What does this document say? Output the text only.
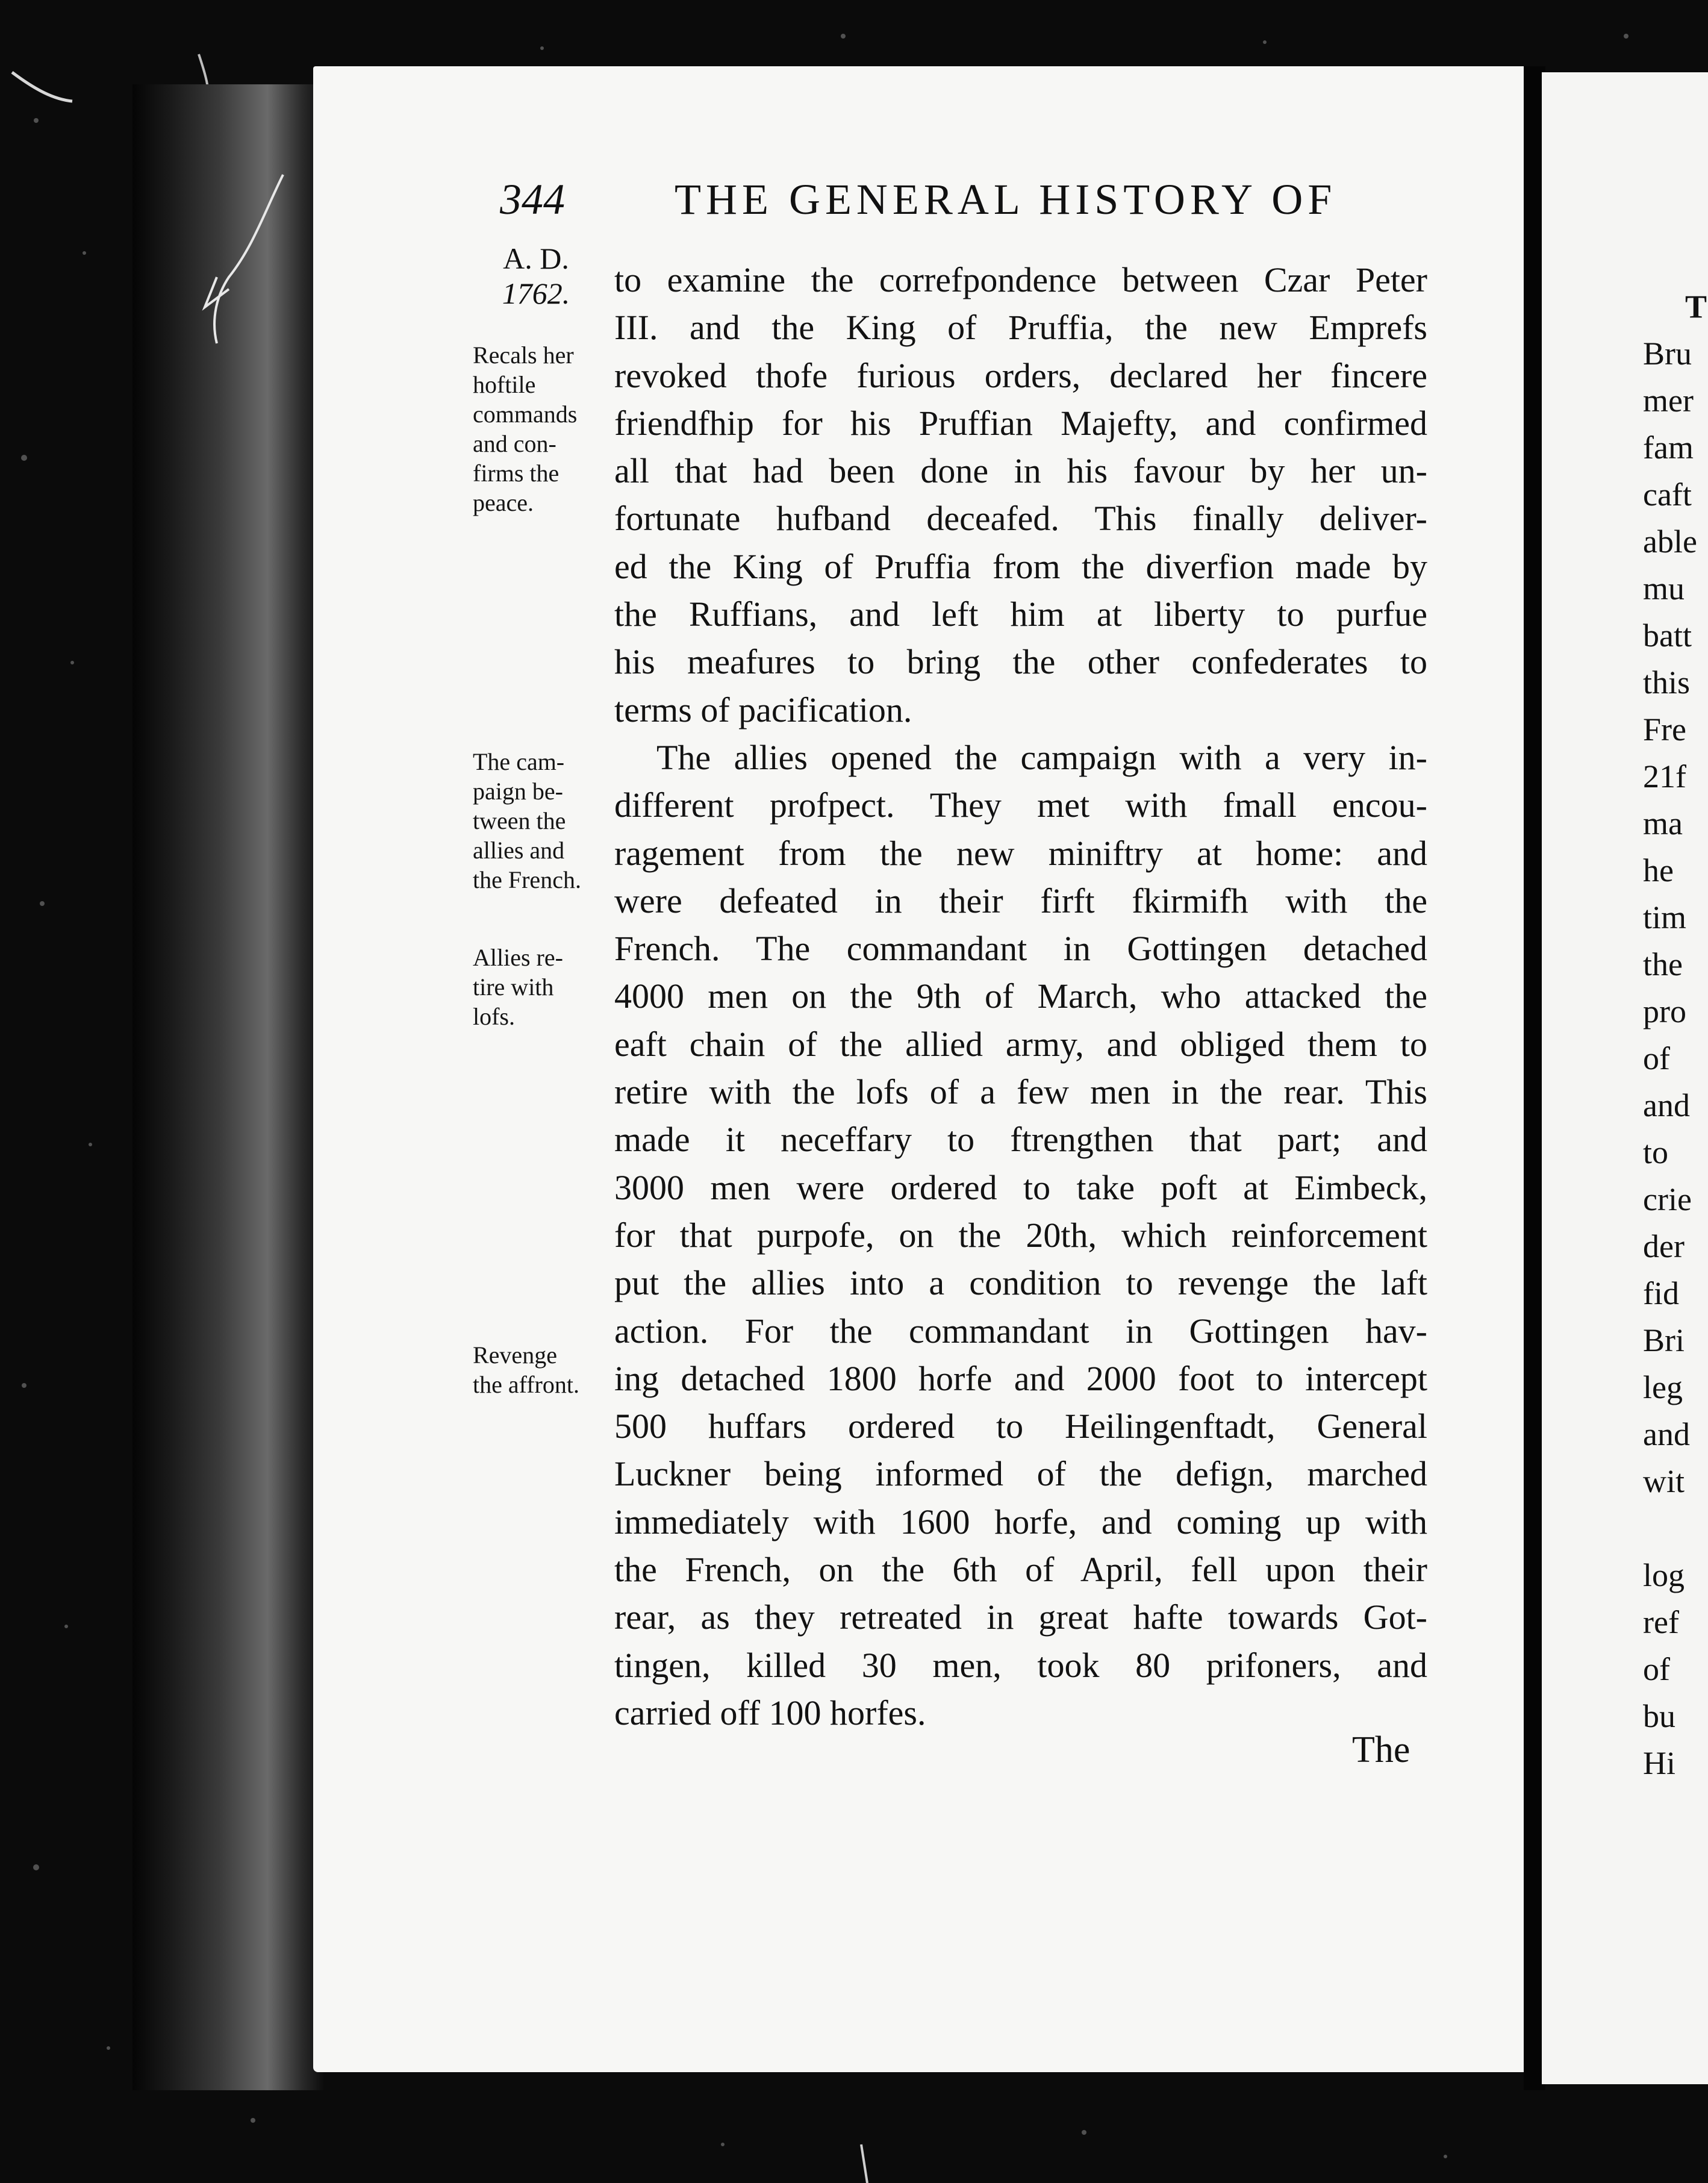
344	THE GENERAL HISTORY OF
A. D.
1762.
Recals her
hoftile
commands
and con-
firms the
peace.
The cam-
paign be-
tween the
allies and
the French.
Allies re-
tire with
lofs.
Revenge
the affront.
to examine the correfpondence between Czar Peter
III. and the King of Pruffia, the new Emprefs
revoked thofe furious orders, declared her fincere
friendfhip for his Pruffian Majefty, and confirmed
all that had been done in his favour by her un-
fortunate hufband deceafed. This finally deliver-
ed the King of Pruffia from the diverfion made by
the Ruffians, and left him at liberty to purfue
his meafures to bring the other confederates to
terms of pacification.
The allies opened the campaign with a very in-
different profpect. They met with fmall encou-
ragement from the new miniftry at home: and
were defeated in their firft fkirmifh with the
French. The commandant in Gottingen detached
4000 men on the 9th of March, who attacked the
eaft chain of the allied army, and obliged them to
retire with the lofs of a few men in the rear. This
made it neceffary to ftrengthen that part; and
3000 men were ordered to take poft at Eimbeck,
for that purpofe, on the 20th, which reinforcement
put the allies into a condition to revenge the laft
action. For the commandant in Gottingen hav-
ing detached 1800 horfe and 2000 foot to intercept
500 huffars ordered to Heilingenftadt, General
Luckner being informed of the defign, marched
immediately with 1600 horfe, and coming up with
the French, on the 6th of April, fell upon their
rear, as they retreated in great hafte towards Got-
tingen, killed 30 men, took 80 prifoners, and
carried off 100 horfes.
The
T
Bru
mer
fam
caft
able
mu
batt
this
Fre
21f
ma
he
tim
the
pro
of
and
to
crie
der
fid
Bri
leg
and
wit

log
ref
of
bu
Hi
